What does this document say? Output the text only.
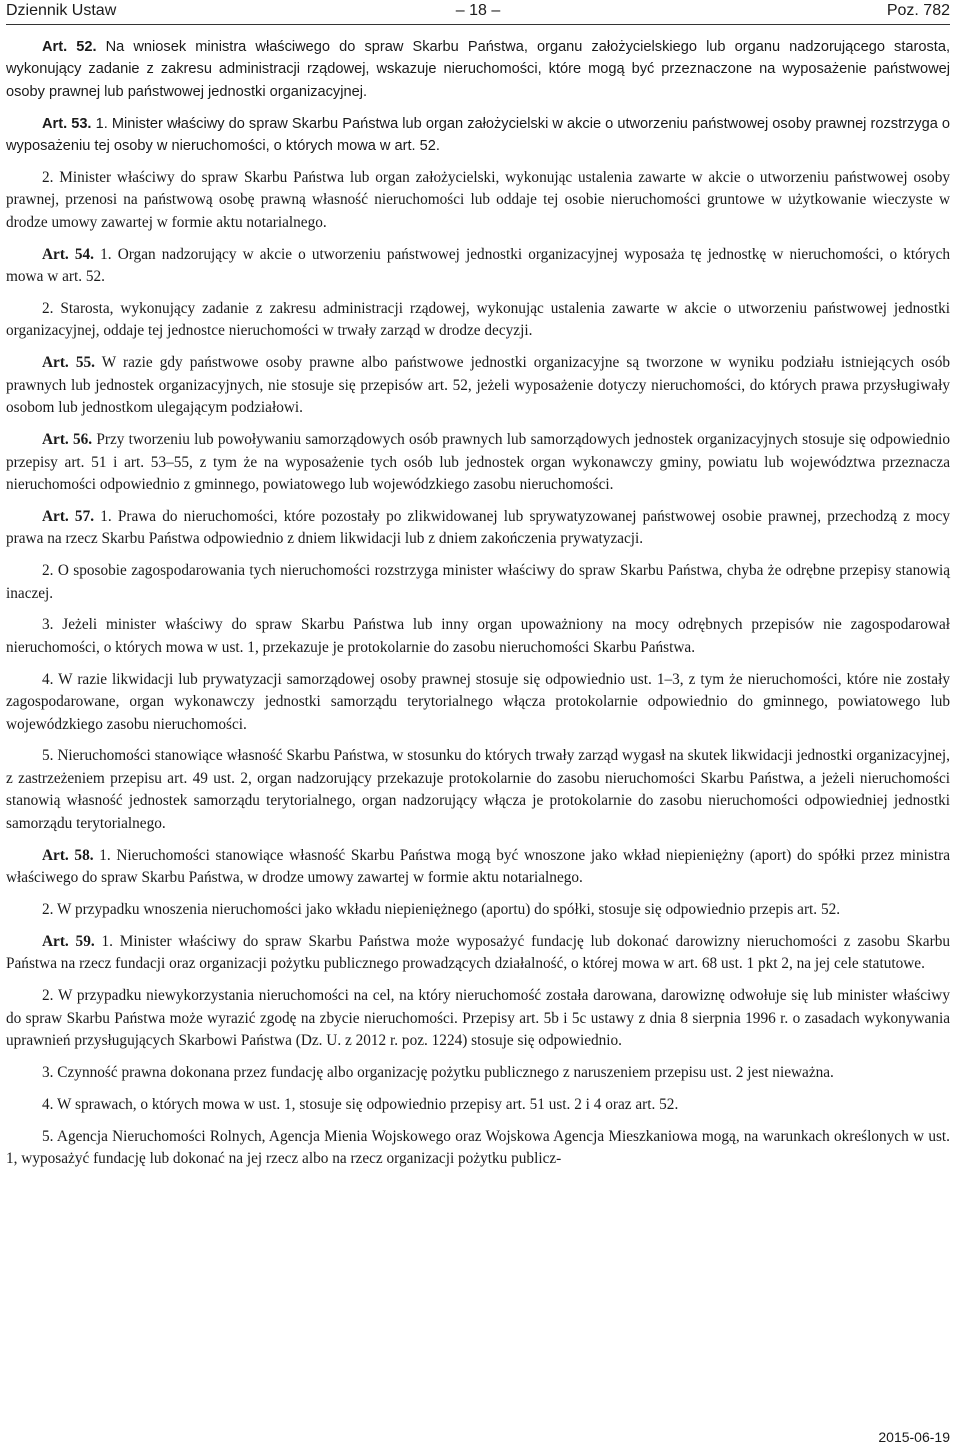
Dziennik Ustaw	– 18 –	Poz. 782

Art. 52. Na wniosek ministra właściwego do spraw Skarbu Państwa, organu założycielskiego lub organu nadzorującego starosta, wykonujący zadanie z zakresu administracji rządowej, wskazuje nieruchomości, które mogą być przeznaczone na wyposażenie państwowej osoby prawnej lub państwowej jednostki organizacyjnej.

Art. 53. 1. Minister właściwy do spraw Skarbu Państwa lub organ założycielski w akcie o utworzeniu państwowej osoby prawnej rozstrzyga o wyposażeniu tej osoby w nieruchomości, o których mowa w art. 52.

2. Minister właściwy do spraw Skarbu Państwa lub organ założycielski, wykonując ustalenia zawarte w akcie o utworzeniu państwowej osoby prawnej, przenosi na państwową osobę prawną własność nieruchomości lub oddaje tej osobie nieruchomości gruntowe w użytkowanie wieczyste w drodze umowy zawartej w formie aktu notarialnego.

Art. 54. 1. Organ nadzorujący w akcie o utworzeniu państwowej jednostki organizacyjnej wyposaża tę jednostkę w nieruchomości, o których mowa w art. 52.

2. Starosta, wykonujący zadanie z zakresu administracji rządowej, wykonując ustalenia zawarte w akcie o utworzeniu państwowej jednostki organizacyjnej, oddaje tej jednostce nieruchomości w trwały zarząd w drodze decyzji.

Art. 55. W razie gdy państwowe osoby prawne albo państwowe jednostki organizacyjne są tworzone w wyniku podziału istniejących osób prawnych lub jednostek organizacyjnych, nie stosuje się przepisów art. 52, jeżeli wyposażenie dotyczy nieruchomości, do których prawa przysługiwały osobom lub jednostkom ulegającym podziałowi.

Art. 56. Przy tworzeniu lub powoływaniu samorządowych osób prawnych lub samorządowych jednostek organizacyjnych stosuje się odpowiednio przepisy art. 51 i art. 53–55, z tym że na wyposażenie tych osób lub jednostek organ wykonawczy gminy, powiatu lub województwa przeznacza nieruchomości odpowiednio z gminnego, powiatowego lub wojewódzkiego zasobu nieruchomości.

Art. 57. 1. Prawa do nieruchomości, które pozostały po zlikwidowanej lub sprywatyzowanej państwowej osobie prawnej, przechodzą z mocy prawa na rzecz Skarbu Państwa odpowiednio z dniem likwidacji lub z dniem zakończenia prywatyzacji.

2. O sposobie zagospodarowania tych nieruchomości rozstrzyga minister właściwy do spraw Skarbu Państwa, chyba że odrębne przepisy stanowią inaczej.

3. Jeżeli minister właściwy do spraw Skarbu Państwa lub inny organ upoważniony na mocy odrębnych przepisów nie zagospodarował nieruchomości, o których mowa w ust. 1, przekazuje je protokolarnie do zasobu nieruchomości Skarbu Państwa.

4. W razie likwidacji lub prywatyzacji samorządowej osoby prawnej stosuje się odpowiednio ust. 1–3, z tym że nieruchomości, które nie zostały zagospodarowane, organ wykonawczy jednostki samorządu terytorialnego włącza protokolarnie odpowiednio do gminnego, powiatowego lub wojewódzkiego zasobu nieruchomości.

5. Nieruchomości stanowiące własność Skarbu Państwa, w stosunku do których trwały zarząd wygasł na skutek likwidacji jednostki organizacyjnej, z zastrzeżeniem przepisu art. 49 ust. 2, organ nadzorujący przekazuje protokolarnie do zasobu nieruchomości Skarbu Państwa, a jeżeli nieruchomości stanowią własność jednostek samorządu terytorialnego, organ nadzorujący włącza je protokolarnie do zasobu nieruchomości odpowiedniej jednostki samorządu terytorialnego.

Art. 58. 1. Nieruchomości stanowiące własność Skarbu Państwa mogą być wnoszone jako wkład niepieniężny (aport) do spółki przez ministra właściwego do spraw Skarbu Państwa, w drodze umowy zawartej w formie aktu notarialnego.

2. W przypadku wnoszenia nieruchomości jako wkładu niepieniężnego (aportu) do spółki, stosuje się odpowiednio przepis art. 52.

Art. 59. 1. Minister właściwy do spraw Skarbu Państwa może wyposażyć fundację lub dokonać darowizny nieruchomości z zasobu Skarbu Państwa na rzecz fundacji oraz organizacji pożytku publicznego prowadzących działalność, o której mowa w art. 68 ust. 1 pkt 2, na jej cele statutowe.

2. W przypadku niewykorzystania nieruchomości na cel, na który nieruchomość została darowana, darowiznę odwołuje się lub minister właściwy do spraw Skarbu Państwa może wyrazić zgodę na zbycie nieruchomości. Przepisy art. 5b i 5c ustawy z dnia 8 sierpnia 1996 r. o zasadach wykonywania uprawnień przysługujących Skarbowi Państwa (Dz. U. z 2012 r. poz. 1224) stosuje się odpowiednio.

3. Czynność prawna dokonana przez fundację albo organizację pożytku publicznego z naruszeniem przepisu ust. 2 jest nieważna.

4. W sprawach, o których mowa w ust. 1, stosuje się odpowiednio przepisy art. 51 ust. 2 i 4 oraz art. 52.

5. Agencja Nieruchomości Rolnych, Agencja Mienia Wojskowego oraz Wojskowa Agencja Mieszkaniowa mogą, na warunkach określonych w ust. 1, wyposażyć fundację lub dokonać na jej rzecz albo na rzecz organizacji pożytku publicz-

2015-06-19
